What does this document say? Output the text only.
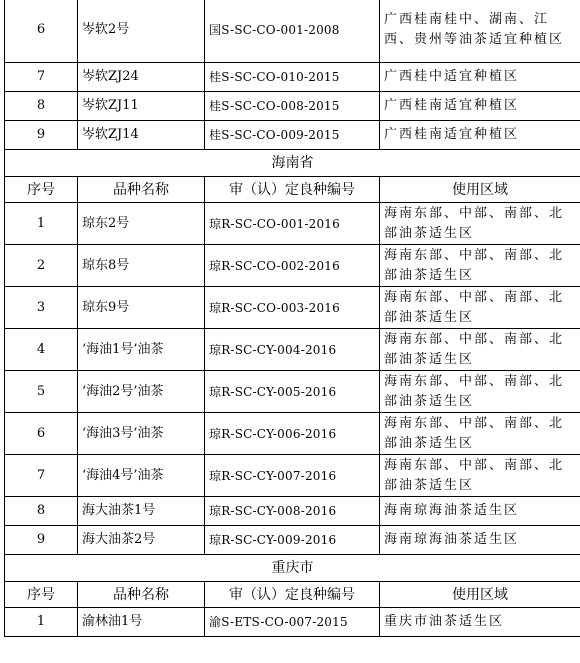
6	岑软2号	国S-SC-CO-001-2008	广西桂南桂中、湖南、江西、贵州等油茶适宜种植区
7	岑软ZJ24	桂S-SC-CO-010-2015	广西桂中适宜种植区
8	岑软ZJ11	桂S-SC-CO-008-2015	广西桂南适宜种植区
9	岑软ZJ14	桂S-SC-CO-009-2015	广西桂南适宜种植区
海南省			
序号	品种名称	审（认）定良种编号	使用区域
1	琼东2号	琼R-SC-CO-001-2016	海南东部、中部、南部、北部油茶适生区
2	琼东8号	琼R-SC-CO-002-2016	海南东部、中部、南部、北部油茶适生区
3	琼东9号	琼R-SC-CO-003-2016	海南东部、中部、南部、北部油茶适生区
4	‘海油1号’油茶	琼R-SC-CY-004-2016	海南东部、中部、南部、北部油茶适生区
5	‘海油2号’油茶	琼R-SC-CY-005-2016	海南东部、中部、南部、北部油茶适生区
6	‘海油3号’油茶	琼R-SC-CY-006-2016	海南东部、中部、南部、北部油茶适生区
7	‘海油4号’油茶	琼R-SC-CY-007-2016	海南东部、中部、南部、北部油茶适生区
8	海大油茶1号	琼R-SC-CY-008-2016	海南琼海油茶适生区
9	海大油茶2号	琼R-SC-CY-009-2016	海南琼海油茶适生区
重庆市			
序号	品种名称	审（认）定良种编号	使用区域
1	渝林油1号	渝S-ETS-CO-007-2015	重庆市油茶适生区
